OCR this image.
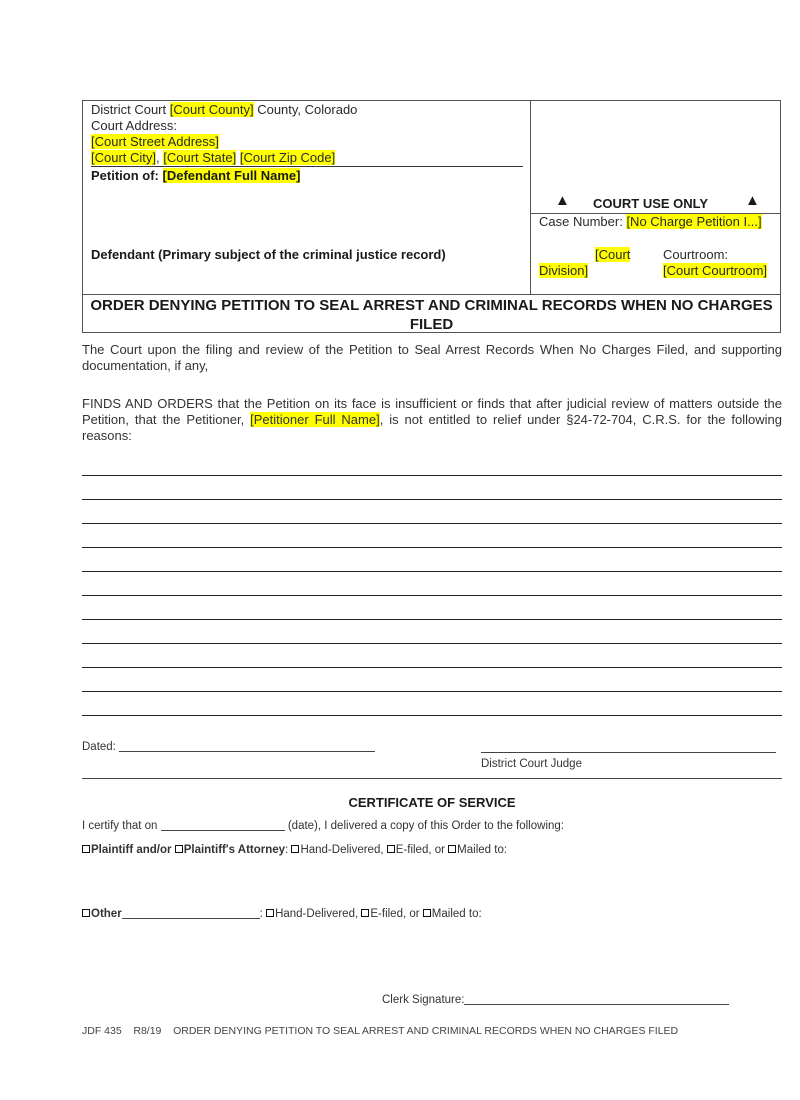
District Court [Court County] County, Colorado
Court Address:
[Court Street Address]
[Court City], [Court State] [Court Zip Code]
Petition of: [Defendant Full Name]
Defendant (Primary subject of the criminal justice record)
▲ COURT USE ONLY ▲
Case Number: [No Charge Petition I...]
[Court
Division]
Courtroom:
[Court Courtroom]
ORDER DENYING PETITION TO SEAL ARREST AND CRIMINAL RECORDS WHEN NO CHARGES FILED
The Court upon the filing and review of the Petition to Seal Arrest Records When No Charges Filed, and supporting documentation, if any,
FINDS AND ORDERS that the Petition on its face is insufficient or finds that after judicial review of matters outside the Petition, that the Petitioner, [Petitioner Full Name], is not entitled to relief under §24-72-704, C.R.S. for the following reasons:
Dated:
District Court Judge
CERTIFICATE OF SERVICE
I certify that on	(date), I delivered a copy of this Order to the following:
Plaintiff and/or Plaintiff's Attorney: Hand-Delivered, E-filed, or Mailed to:
Other	: Hand-Delivered, E-filed, or Mailed to:
Clerk Signature:
JDF 435 R8/19 ORDER DENYING PETITION TO SEAL ARREST AND CRIMINAL RECORDS WHEN NO CHARGES FILED
